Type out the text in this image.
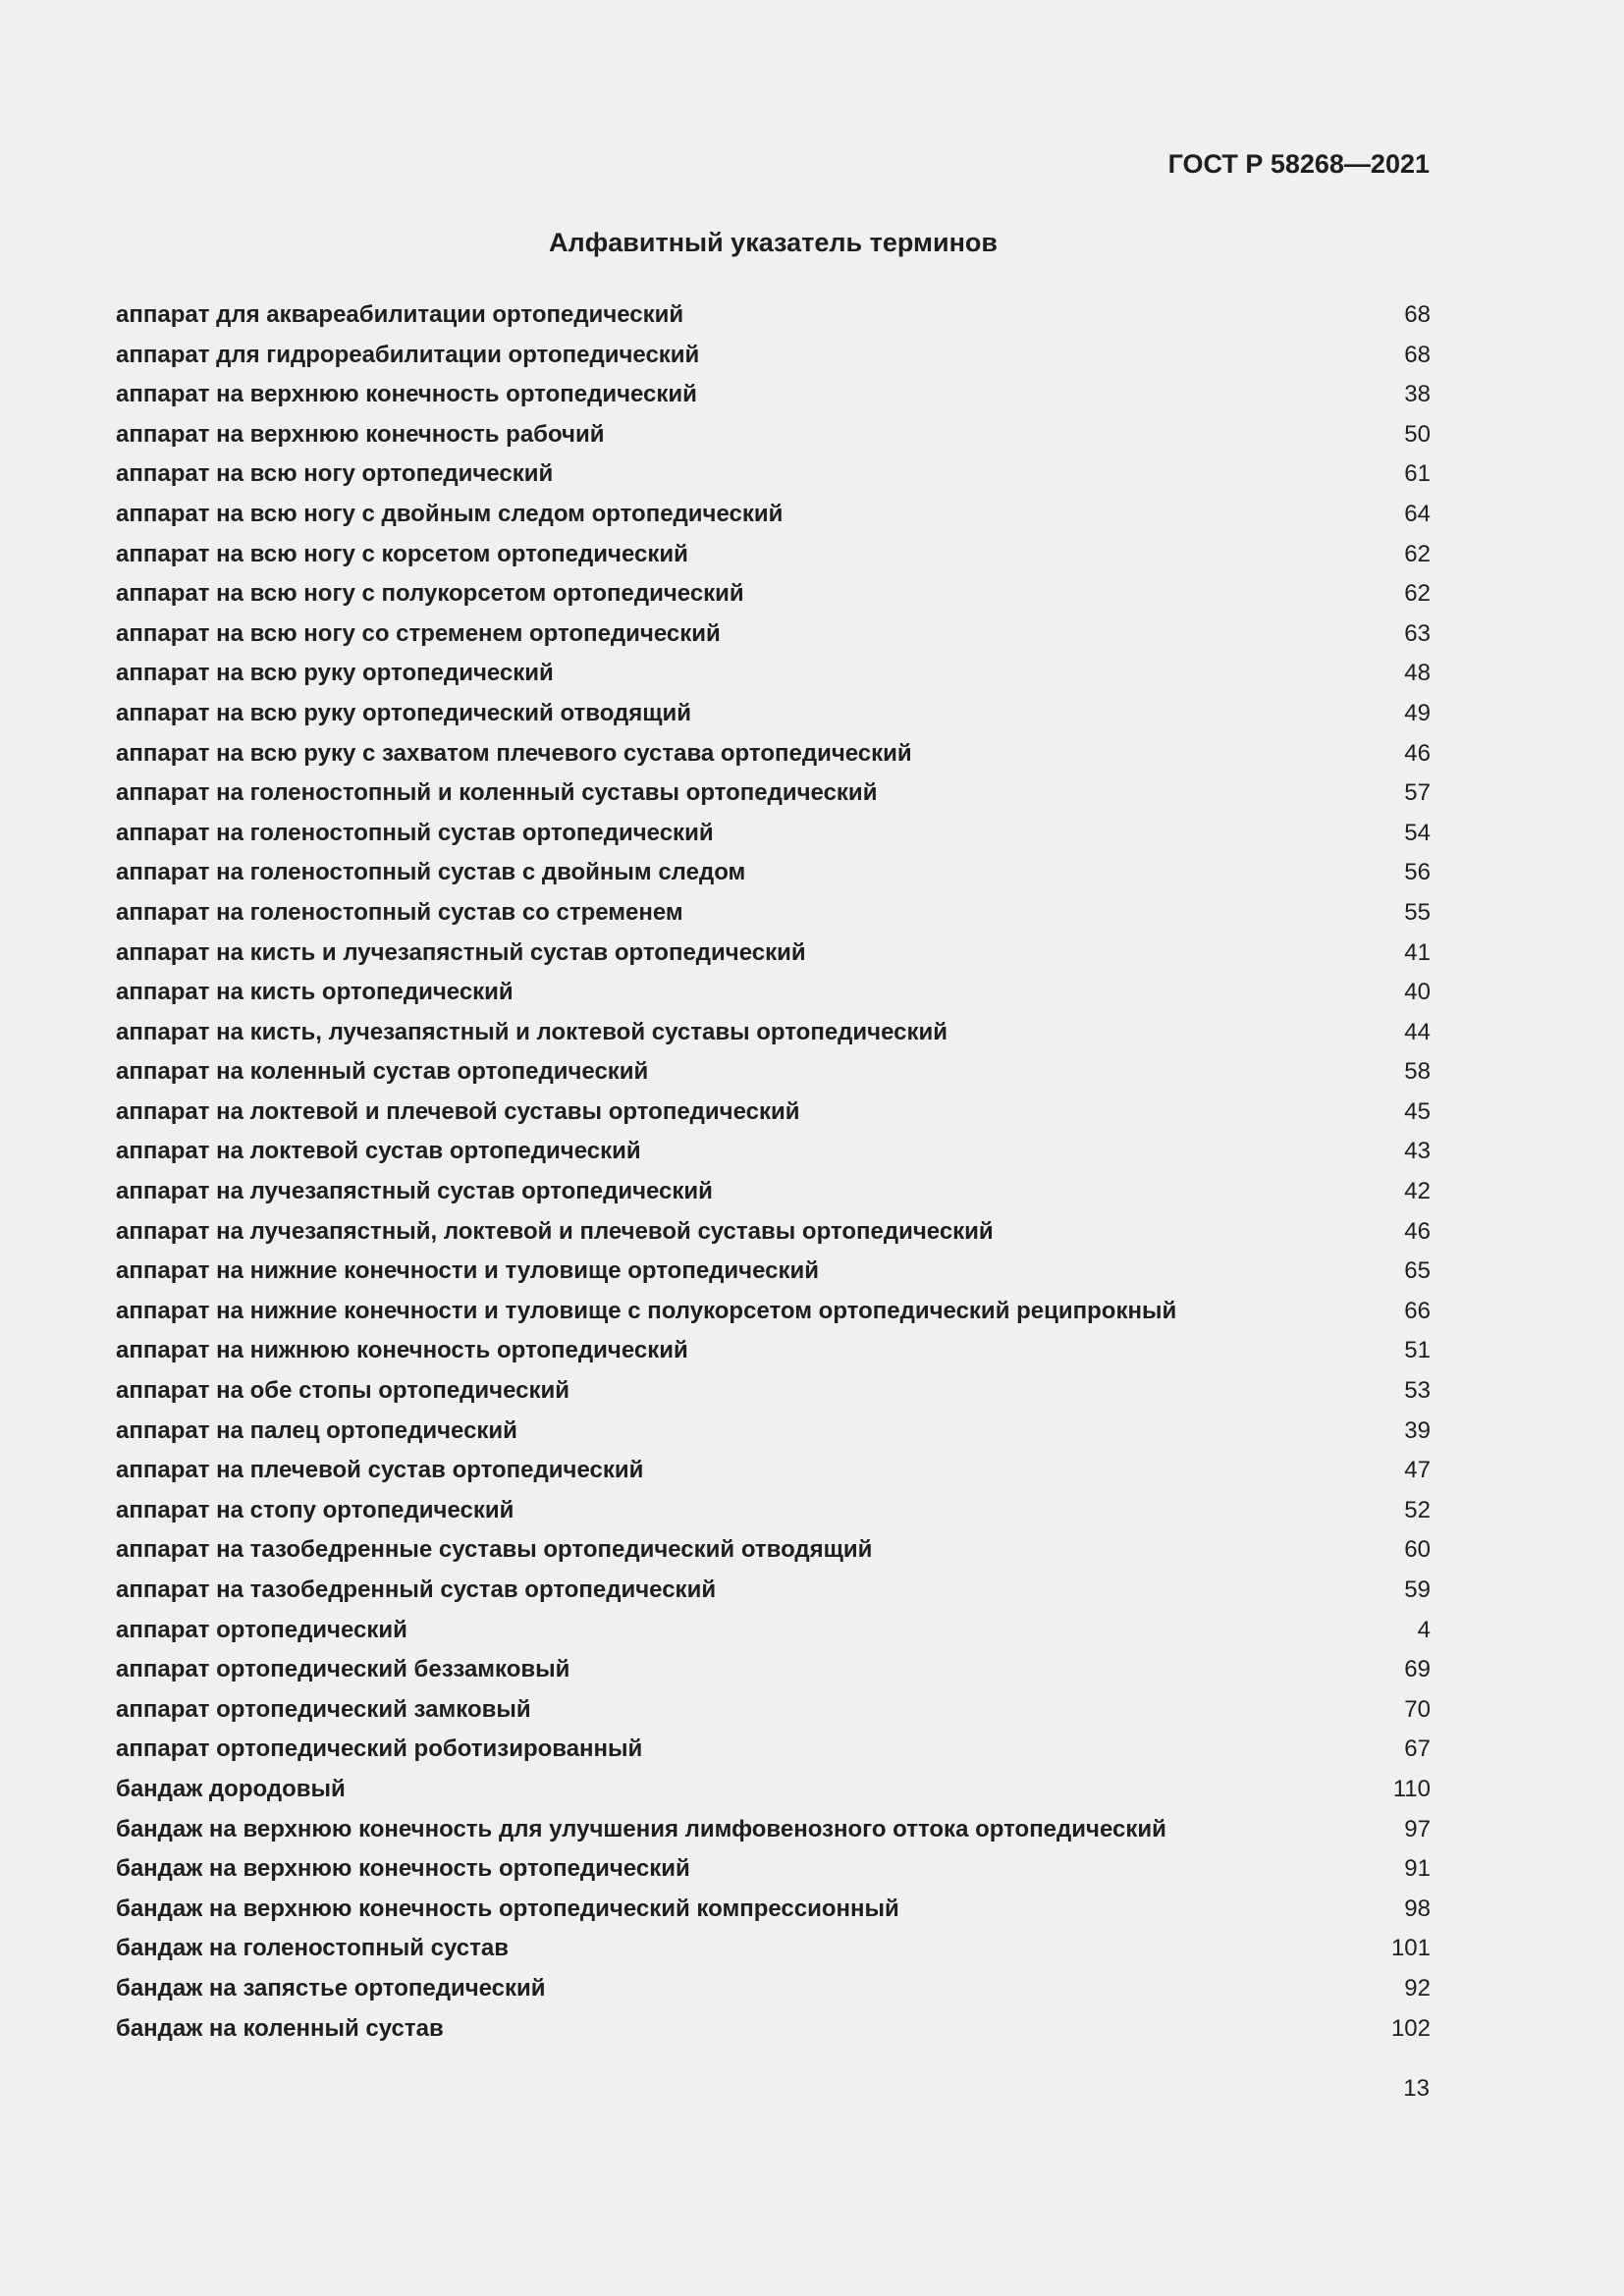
ГОСТ Р 58268—2021
Алфавитный указатель терминов
аппарат для аквареабилитации ортопедический	68
аппарат для гидрореабилитации ортопедический	68
аппарат на верхнюю конечность ортопедический	38
аппарат на верхнюю конечность рабочий	50
аппарат на всю ногу ортопедический	61
аппарат на всю ногу с двойным следом ортопедический	64
аппарат на всю ногу с корсетом ортопедический	62
аппарат на всю ногу с полукорсетом ортопедический	62
аппарат на всю ногу со стременем ортопедический	63
аппарат на всю руку ортопедический	48
аппарат на всю руку ортопедический отводящий	49
аппарат на всю руку с захватом плечевого сустава ортопедический	46
аппарат на голеностопный и коленный суставы ортопедический	57
аппарат на голеностопный сустав ортопедический	54
аппарат на голеностопный сустав с двойным следом	56
аппарат на голеностопный сустав со стременем	55
аппарат на кисть и лучезапястный сустав ортопедический	41
аппарат на кисть ортопедический	40
аппарат на кисть, лучезапястный и локтевой суставы ортопедический	44
аппарат на коленный сустав ортопедический	58
аппарат на локтевой и плечевой суставы ортопедический	45
аппарат на локтевой сустав ортопедический	43
аппарат на лучезапястный сустав ортопедический	42
аппарат на лучезапястный, локтевой и плечевой суставы ортопедический	46
аппарат на нижние конечности и туловище ортопедический	65
аппарат на нижние конечности и туловище с полукорсетом ортопедический реципрокный	66
аппарат на нижнюю конечность ортопедический	51
аппарат на обе стопы ортопедический	53
аппарат на палец ортопедический	39
аппарат на плечевой сустав ортопедический	47
аппарат на стопу ортопедический	52
аппарат на тазобедренные суставы ортопедический отводящий	60
аппарат на тазобедренный сустав ортопедический	59
аппарат ортопедический	4
аппарат ортопедический беззамковый	69
аппарат ортопедический замковый	70
аппарат ортопедический роботизированный	67
бандаж дородовый	110
бандаж на верхнюю конечность для улучшения лимфовенозного оттока ортопедический	97
бандаж на верхнюю конечность ортопедический	91
бандаж на верхнюю конечность ортопедический компрессионный	98
бандаж на голеностопный сустав	101
бандаж на запястье ортопедический	92
бандаж на коленный сустав	102
13
